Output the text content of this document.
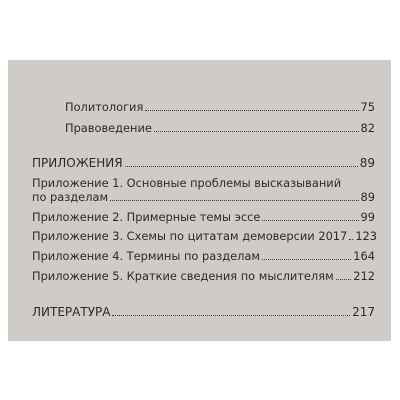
Политология	75
Правоведение	82
ПРИЛОЖЕНИЯ	89
Приложение 1. Основные проблемы высказываний
по разделам	89
Приложение 2. Примерные темы эссе	99
Приложение 3. Схемы по цитатам демоверсии 2017 123
Приложение 4. Термины по разделам	164
Приложение 5. Краткие сведения по мыслителям 212
ЛИТЕРАТУРА	217
